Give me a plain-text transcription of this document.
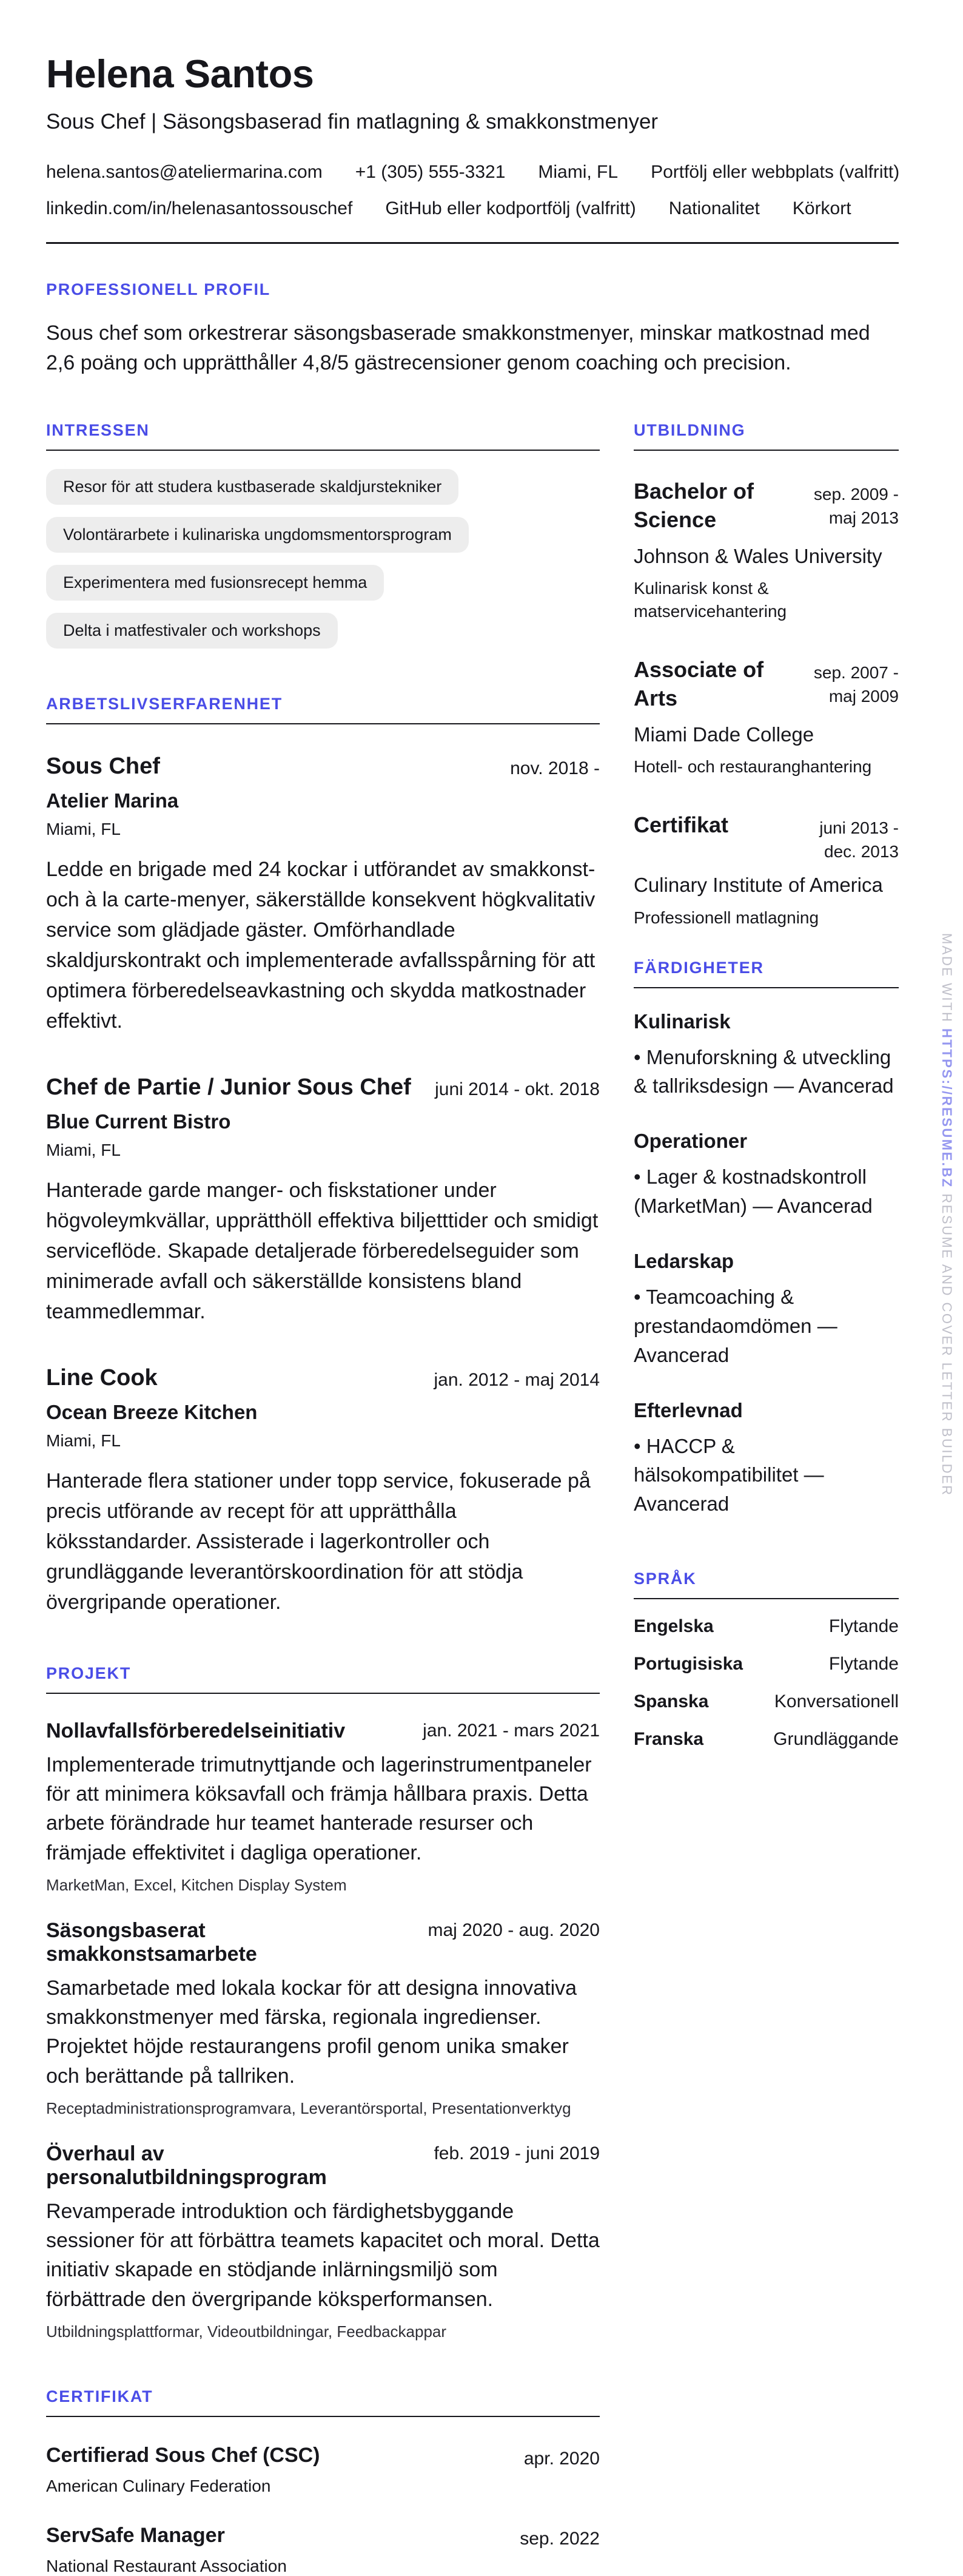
Helena Santos

Sous Chef | Säsongsbaserad fin matlagning & smakkonstmenyer

helena.santos@ateliermarina.com +1 (305) 555-3321 Miami, FL Portfölj eller webbplats (valfritt)
linkedin.com/in/helenasantossouschef GitHub eller kodportfölj (valfritt) Nationalitet Körkort
PROFESSIONELL PROFIL

Sous chef som orkestrerar säsongsbaserade smakkonstmenyer, minskar matkostnad med 2,6 poäng och upprätthåller 4,8/5 gästrecensioner genom coaching och precision.

INTRESSEN
Resor för att studera kustbaserade skaldjurstekniker
Volontärarbete i kulinariska ungdomsmentorsprogram
Experimentera med fusionsrecept hemma
Delta i matfestivaler och workshops
ARBETSLIVSERFARENHET
Sous Chef	nov. 2018 -
Atelier Marina
Miami, FL

Ledde en brigade med 24 kockar i utförandet av smakkonst- och à la carte-menyer, säkerställde konsekvent högkvalitativ service som glädjade gäster. Omförhandlade skaldjurskontrakt och implementerade avfallsspårning för att optimera förberedelseavkastning och skydda matkostnader effektivt.

Chef de Partie / Junior Sous Chef juni 2014 - okt. 2018
Blue Current Bistro
Miami, FL

Hanterade garde manger- och fiskstationer under högvoleymkvällar, upprätthöll effektiva biljetttider och smidigt serviceflöde. Skapade detaljerade förberedelseguider som minimerade avfall och säkerställde konsistens bland teammedlemmar.

Line Cook	jan. 2012 - maj 2014
Ocean Breeze Kitchen
Miami, FL

Hanterade flera stationer under topp service, fokuserade på precis utförande av recept för att upprätthålla köksstandarder. Assisterade i lagerkontroller och grundläggande leverantörskoordination för att stödja övergripande operationer.

PROJEKT
Nollavfallsförberedelseinitiativ	jan. 2021 - mars 2021

Implementerade trimutnyttjande och lagerinstrumentpaneler för att minimera köksavfall och främja hållbara praxis. Detta arbete förändrade hur teamet hanterade resurser och främjade effektivitet i dagliga operationer.

MarketMan, Excel, Kitchen Display System
Säsongsbaserat smakkonstsamarbete
maj 2020 - aug. 2020

Samarbetade med lokala kockar för att designa innovativa smakkonstmenyer med färska, regionala ingredienser. Projektet höjde restaurangens profil genom unika smaker och berättande på tallriken.

Receptadministrationsprogramvara, Leverantörsportal, Presentationverktyg
Överhaul av personalutbildningsprogram
feb. 2019 - juni 2019

Revamperade introduktion och färdighetsbyggande sessioner för att förbättra teamets kapacitet och moral. Detta initiativ skapade en stödjande inlärningsmiljö som förbättrade den övergripande köksperformansen.

Utbildningsplattformar, Videoutbildningar, Feedbackappar
CERTIFIKAT
Certifierad Sous Chef (CSC)	apr. 2020
American Culinary Federation
ServSafe Manager	sep. 2022
National Restaurant Association
UTBILDNING
Bachelor of Science
sep. 2009 - maj 2013
Johnson & Wales University
Kulinarisk konst & matservicehantering
Associate of Arts
sep. 2007 - maj 2009
Miami Dade College
Hotell- och restauranghantering
Certifikat	juni 2013 - dec. 2013
Culinary Institute of America
Professionell matlagning
FÄRDIGHETER
Kulinarisk
• Menuforskning & utveckling & tallriksdesign — Avancerad
Operationer
• Lager & kostnadskontroll (MarketMan) — Avancerad
Ledarskap
• Teamcoaching & prestandaomdömen — Avancerad
Efterlevnad
• HACCP & hälsokompatibilitet — Avancerad
SPRÅK
Engelska	Flytande
Portugisiska	Flytande
Spanska	Konversationell
Franska	Grundläggande
MADE WITH HTTPS://RESUME.BZ RESUME AND COVER LETTER BUILDER
